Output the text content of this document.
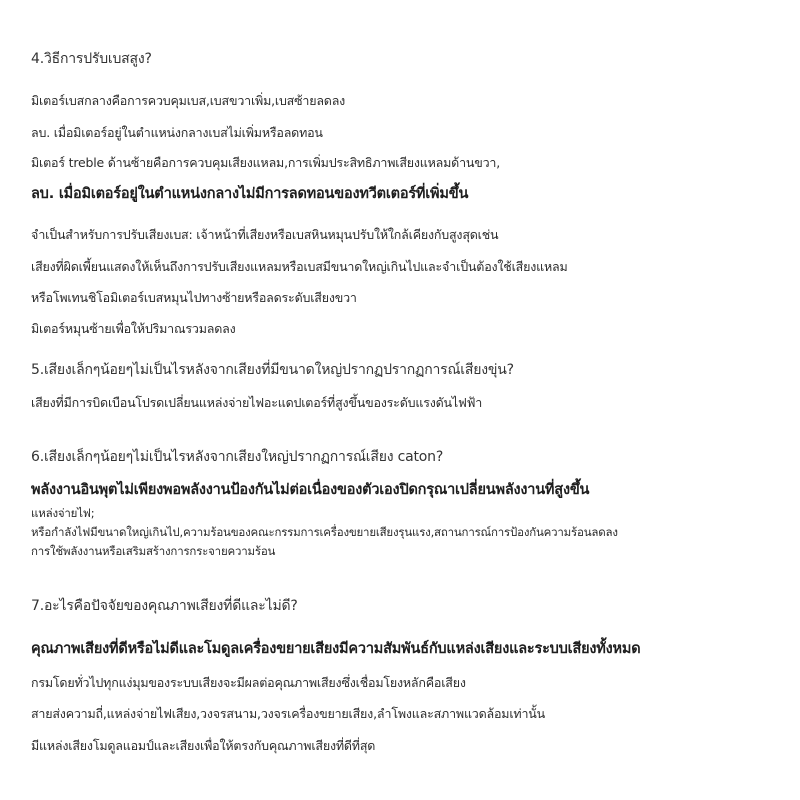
4.วิธีการปรับเบสสูง?
มิเตอร์เบสกลางคือการควบคุมเบส,เบสขวาเพิ่ม,เบสซ้ายลดลง
ลบ. เมื่อมิเตอร์อยู่ในตำแหน่งกลางเบสไม่เพิ่มหรือลดทอน
มิเตอร์ treble ด้านซ้ายคือการควบคุมเสียงแหลม,การเพิ่มประสิทธิภาพเสียงแหลมด้านขวา,
ลบ. เมื่อมิเตอร์อยู่ในตำแหน่งกลางไม่มีการลดทอนของทวีตเตอร์ที่เพิ่มขึ้น
จำเป็นสำหรับการปรับเสียงเบส: เจ้าหน้าที่เสียงหรือเบสหินหมุนปรับให้ใกล้เคียงกับสูงสุดเช่น
เสียงที่ผิดเพี้ยนแสดงให้เห็นถึงการปรับเสียงแหลมหรือเบสมีขนาดใหญ่เกินไปและจำเป็นต้องใช้เสียงแหลม
หรือโพเทนชิโอมิเตอร์เบสหมุนไปทางซ้ายหรือลดระดับเสียงขวา
มิเตอร์หมุนซ้ายเพื่อให้ปริมาณรวมลดลง
5.เสียงเล็กๆน้อยๆไม่เป็นไรหลังจากเสียงที่มีขนาดใหญ่ปรากฏปรากฏการณ์เสียงขุ่น?
เสียงที่มีการบิดเบือนโปรดเปลี่ยนแหล่งจ่ายไฟอะแดปเตอร์ที่สูงขึ้นของระดับแรงดันไฟฟ้า
6.เสียงเล็กๆน้อยๆไม่เป็นไรหลังจากเสียงใหญ่ปรากฏการณ์เสียง caton?
พลังงานอินพุตไม่เพียงพอพลังงานป้องกันไม่ต่อเนื่องของตัวเองปิดกรุณาเปลี่ยนพลังงานที่สูงขึ้น
แหล่งจ่ายไฟ;
หรือกำลังไฟมีขนาดใหญ่เกินไป,ความร้อนของคณะกรรมการเครื่องขยายเสียงรุนแรง,สถานการณ์การป้องกันความร้อนลดลง
การใช้พลังงานหรือเสริมสร้างการกระจายความร้อน
7.อะไรคือปัจจัยของคุณภาพเสียงที่ดีและไม่ดี?
คุณภาพเสียงที่ดีหรือไม่ดีและโมดูลเครื่องขยายเสียงมีความสัมพันธ์กับแหล่งเสียงและระบบเสียงทั้งหมด
กรมโดยทั่วไปทุกแง่มุมของระบบเสียงจะมีผลต่อคุณภาพเสียงซึ่งเชื่อมโยงหลักคือเสียง
สายส่งความถี่,แหล่งจ่ายไฟเสียง,วงจรสนาม,วงจรเครื่องขยายเสียง,ลำโพงและสภาพแวดล้อมเท่านั้น
มีแหล่งเสียงโมดูลแอมป์และเสียงเพื่อให้ตรงกับคุณภาพเสียงที่ดีที่สุด
